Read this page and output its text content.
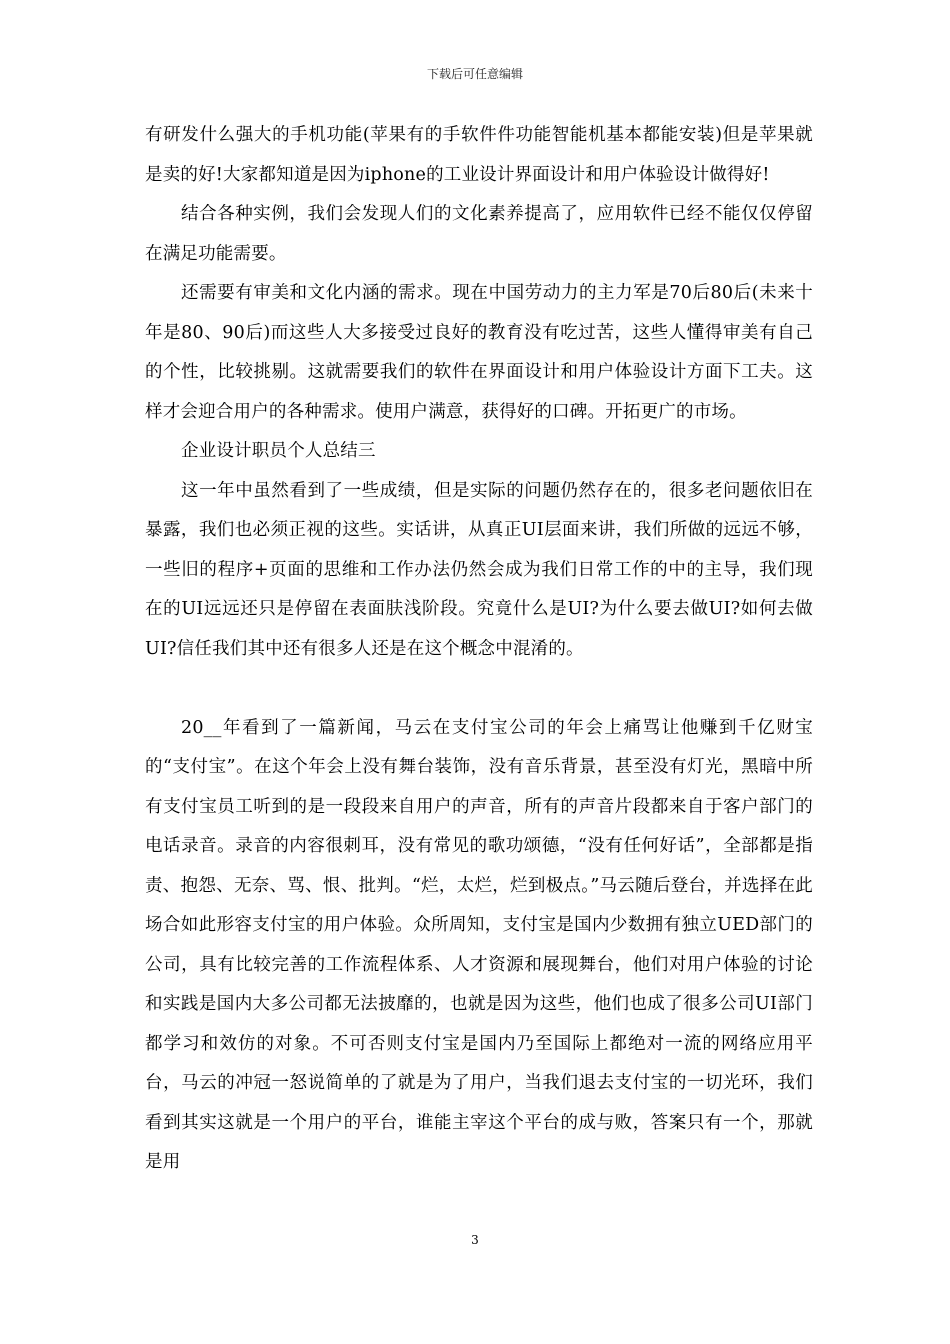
下载后可任意编辑

有研发什么强大的手机功能(苹果有的手软件件功能智能机基本都能安装)但是苹果就是卖的好!大家都知道是因为iphone的工业设计界面设计和用户体验设计做得好!

结合各种实例，我们会发现人们的文化素养提高了，应用软件已经不能仅仅停留在满足功能需要。

还需要有审美和文化内涵的需求。现在中国劳动力的主力军是70后80后(未来十年是80、90后)而这些人大多接受过良好的教育没有吃过苦，这些人懂得审美有自己的个性，比较挑剔。这就需要我们的软件在界面设计和用户体验设计方面下工夫。这样才会迎合用户的各种需求。使用户满意，获得好的口碑。开拓更广的市场。

企业设计职员个人总结三

这一年中虽然看到了一些成绩，但是实际的问题仍然存在的，很多老问题依旧在暴露，我们也必须正视的这些。实话讲，从真正UI层面来讲，我们所做的远远不够，一些旧的程序+页面的思维和工作办法仍然会成为我们日常工作的中的主导，我们现在的UI远远还只是停留在表面肤浅阶段。究竟什么是UI?为什么要去做UI?如何去做UI?信任我们其中还有很多人还是在这个概念中混淆的。

20__年看到了一篇新闻，马云在支付宝公司的年会上痛骂让他赚到千亿财宝的“支付宝”。在这个年会上没有舞台装饰，没有音乐背景，甚至没有灯光，黑暗中所有支付宝员工听到的是一段段来自用户的声音，所有的声音片段都来自于客户部门的电话录音。录音的内容很刺耳，没有常见的歌功颂德，“没有任何好话”，全部都是指责、抱怨、无奈、骂、恨、批判。“烂，太烂，烂到极点。”马云随后登台，并选择在此场合如此形容支付宝的用户体验。众所周知，支付宝是国内少数拥有独立UED部门的公司，具有比较完善的工作流程体系、人才资源和展现舞台，他们对用户体验的讨论和实践是国内大多公司都无法披靡的，也就是因为这些，他们也成了很多公司UI部门都学习和效仿的对象。不可否则支付宝是国内乃至国际上都绝对一流的网络应用平台，马云的冲冠一怒说简单的了就是为了用户，当我们退去支付宝的一切光环，我们看到其实这就是一个用户的平台，谁能主宰这个平台的成与败，答案只有一个，那就是用

3
